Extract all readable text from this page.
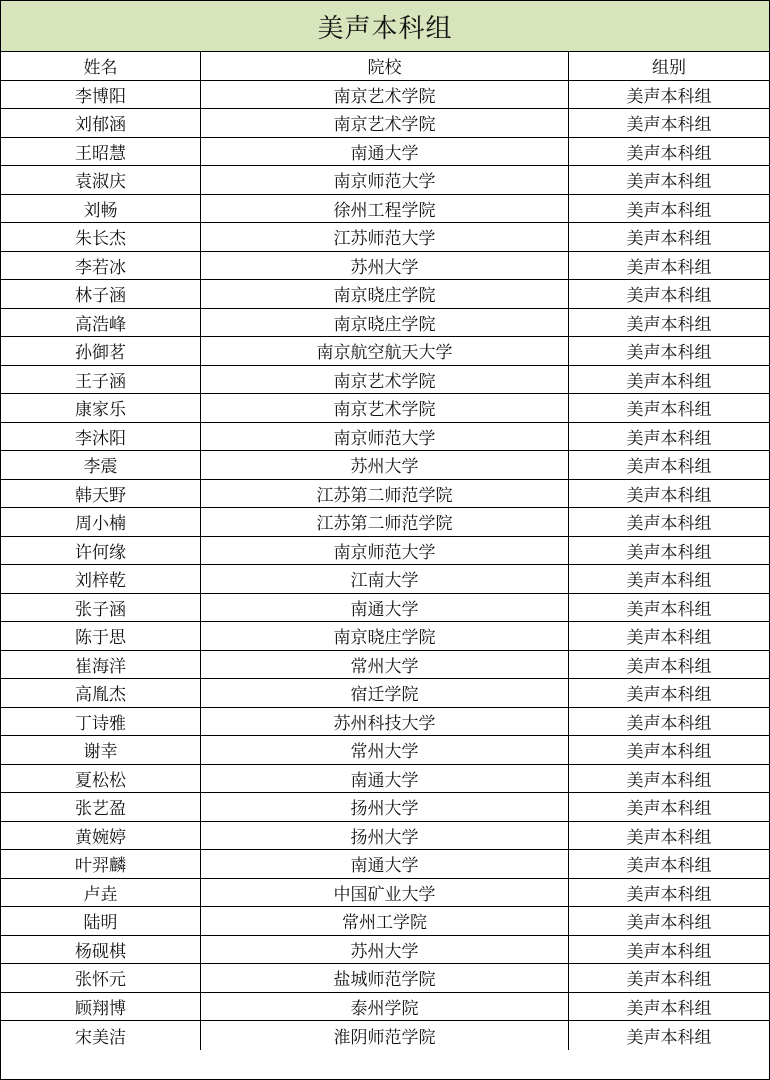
美声本科组
姓名	院校	组别
李博阳	南京艺术学院	美声本科组
刘郁涵	南京艺术学院	美声本科组
王昭慧	南通大学	美声本科组
袁淑庆	南京师范大学	美声本科组
刘畅	徐州工程学院	美声本科组
朱长杰	江苏师范大学	美声本科组
李若冰	苏州大学	美声本科组
林子涵	南京晓庄学院	美声本科组
高浩峰	南京晓庄学院	美声本科组
孙御茗	南京航空航天大学	美声本科组
王子涵	南京艺术学院	美声本科组
康家乐	南京艺术学院	美声本科组
李沐阳	南京师范大学	美声本科组
李震	苏州大学	美声本科组
韩天野	江苏第二师范学院	美声本科组
周小楠	江苏第二师范学院	美声本科组
许何缘	南京师范大学	美声本科组
刘梓乾	江南大学	美声本科组
张子涵	南通大学	美声本科组
陈于思	南京晓庄学院	美声本科组
崔海洋	常州大学	美声本科组
高胤杰	宿迁学院	美声本科组
丁诗雅	苏州科技大学	美声本科组
谢幸	常州大学	美声本科组
夏松松	南通大学	美声本科组
张艺盈	扬州大学	美声本科组
黄婉婷	扬州大学	美声本科组
叶羿麟	南通大学	美声本科组
卢垚	中国矿业大学	美声本科组
陆明	常州工学院	美声本科组
杨砚棋	苏州大学	美声本科组
张怀元	盐城师范学院	美声本科组
顾翔博	泰州学院	美声本科组
宋美洁	淮阴师范学院	美声本科组
